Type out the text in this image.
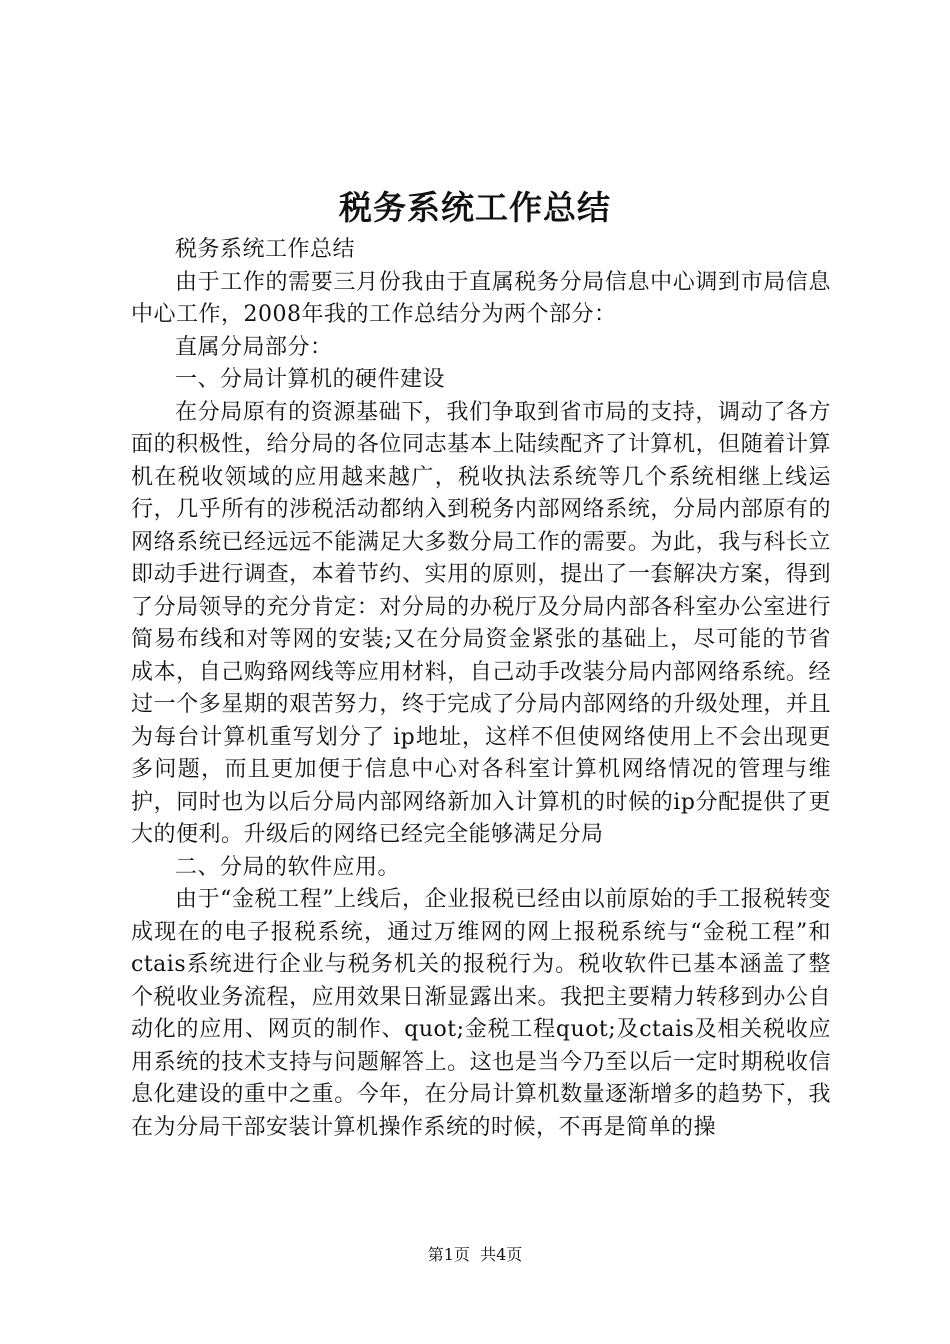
税务系统工作总结

税务系统工作总结

由于工作的需要三月份我由于直属税务分局信息中心调到市局信息中心工作，2008年我的工作总结分为两个部分：

直属分局部分：

一、分局计算机的硬件建设

在分局原有的资源基础下，我们争取到省市局的支持，调动了各方面的积极性，给分局的各位同志基本上陆续配齐了计算机，但随着计算机在税收领域的应用越来越广，税收执法系统等几个系统相继上线运行，几乎所有的涉税活动都纳入到税务内部网络系统，分局内部原有的网络系统已经远远不能满足大多数分局工作的需要。为此，我与科长立即动手进行调查，本着节约、实用的原则，提出了一套解决方案，得到了分局领导的充分肯定：对分局的办税厅及分局内部各科室办公室进行简易布线和对等网的安装;又在分局资金紧张的基础上，尽可能的节省成本，自己购臵网线等应用材料，自己动手改装分局内部网络系统。经过一个多星期的艰苦努力，终于完成了分局内部网络的升级处理，并且为每台计算机重写划分了 ip地址，这样不但使网络使用上不会出现更多问题，而且更加便于信息中心对各科室计算机网络情况的管理与维护，同时也为以后分局内部网络新加入计算机的时候的ip分配提供了更大的便利。升级后的网络已经完全能够满足分局

二、分局的软件应用。

由于“金税工程”上线后，企业报税已经由以前原始的手工报税转变成现在的电子报税系统，通过万维网的网上报税系统与“金税工程”和 ctais系统进行企业与税务机关的报税行为。税收软件已基本涵盖了整个税收业务流程，应用效果日渐显露出来。我把主要精力转移到办公自动化的应用、网页的制作、quot;金税工程quot;及ctais及相关税收应用系统的技术支持与问题解答上。这也是当今乃至以后一定时期税收信息化建设的重中之重。今年，在分局计算机数量逐渐增多的趋势下，我在为分局干部安装计算机操作系统的时候，不再是简单的操

第1页 共4页
